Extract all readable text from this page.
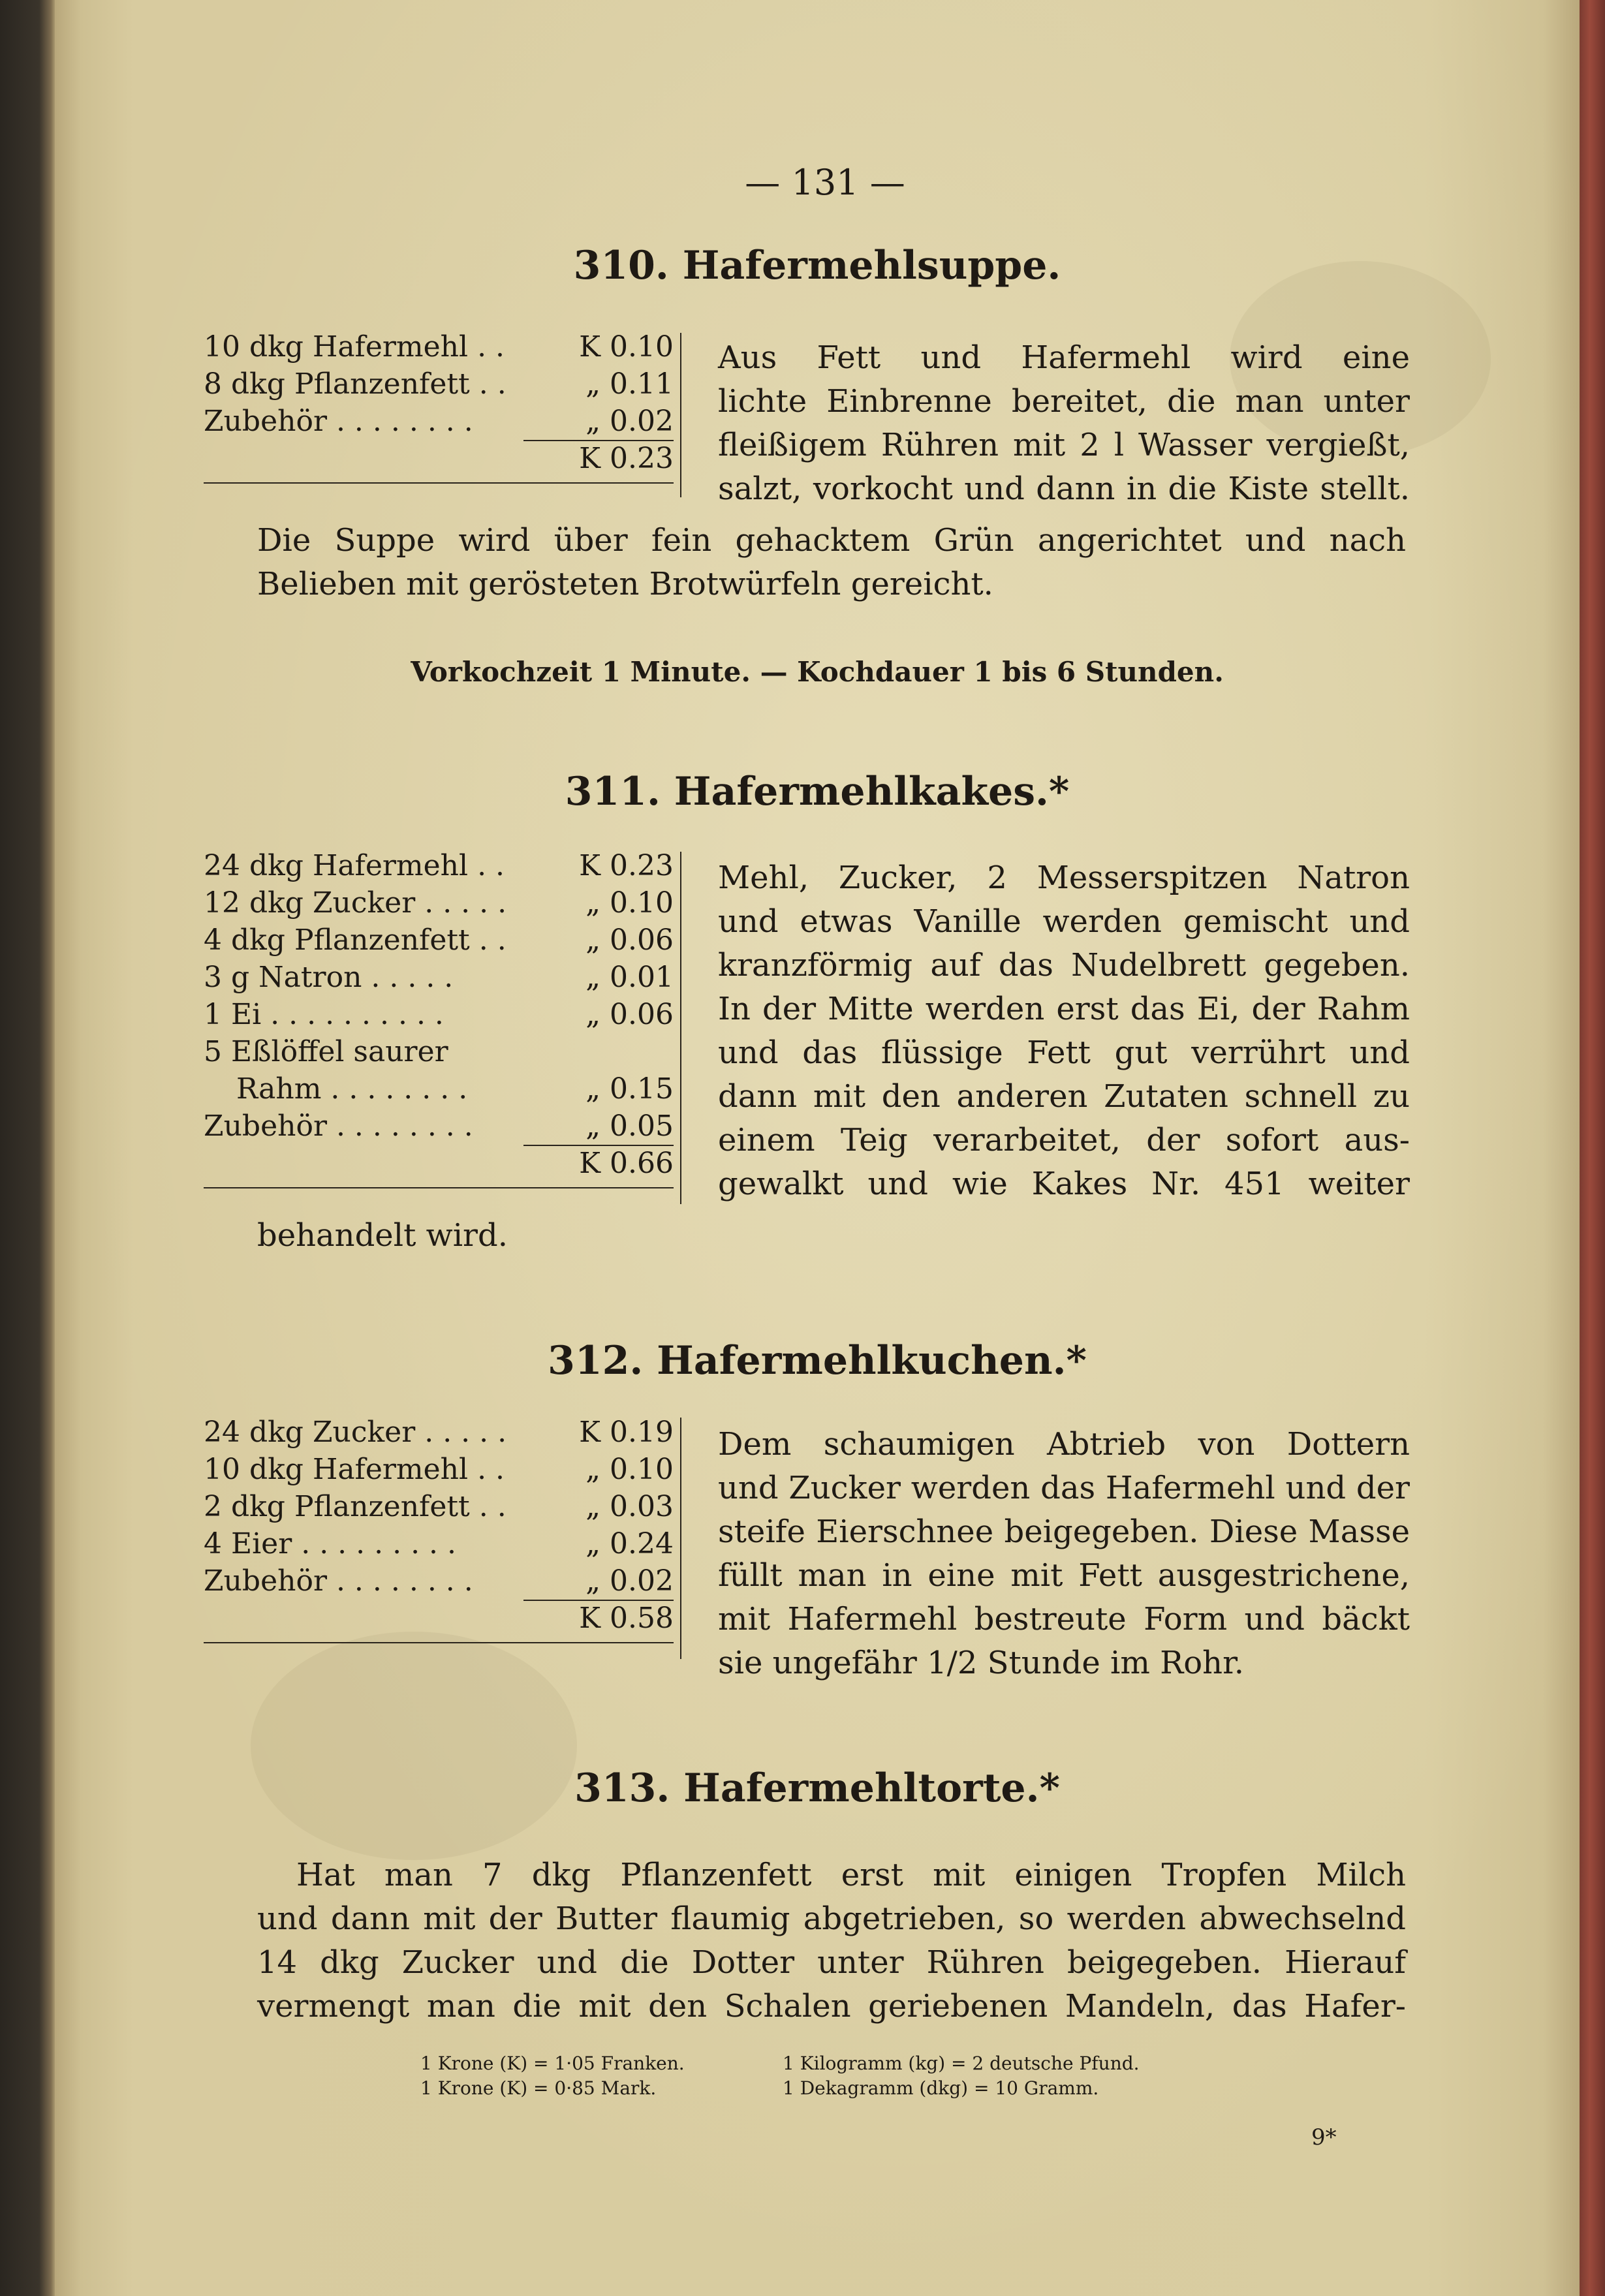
— 131 —
310. Hafermehlsuppe.
10 dkg Hafermehl . .	K 0.10
8 dkg Pflanzenfett . .	„ 0.11
Zubehör . . . . . . . .	„ 0.02
K 0.23
Aus Fett und Hafermehl wird eine
lichte Einbrenne bereitet, die man unter
fleißigem Rühren mit 2 l Wasser vergießt,
salzt, vorkocht und dann in die Kiste stellt.
Die Suppe wird über fein gehacktem Grün angerichtet und nach
Belieben mit gerösteten Brotwürfeln gereicht.
Vorkochzeit 1 Minute. — Kochdauer 1 bis 6 Stunden.
311. Hafermehlkakes.*
24 dkg Hafermehl . .	K 0.23
12 dkg Zucker . . . . .	„ 0.10
4 dkg Pflanzenfett . .	„ 0.06
3 g Natron . . . . .	„ 0.01
1 Ei . . . . . . . . . .	„ 0.06
5 Eßlöffel saurer
Rahm . . . . . . . .	„ 0.15
Zubehör . . . . . . . .	„ 0.05
K 0.66
Mehl, Zucker, 2 Messerspitzen Natron
und etwas Vanille werden gemischt und
kranzförmig auf das Nudelbrett gegeben.
In der Mitte werden erst das Ei, der Rahm
und das flüssige Fett gut verrührt und
dann mit den anderen Zutaten schnell zu
einem Teig verarbeitet, der sofort aus-
gewalkt und wie Kakes Nr. 451 weiter
behandelt wird.
312. Hafermehlkuchen.*
24 dkg Zucker . . . . .	K 0.19
10 dkg Hafermehl . .	„ 0.10
2 dkg Pflanzenfett . .	„ 0.03
4 Eier . . . . . . . . .	„ 0.24
Zubehör . . . . . . . .	„ 0.02
K 0.58
Dem schaumigen Abtrieb von Dottern
und Zucker werden das Hafermehl und der
steife Eierschnee beigegeben. Diese Masse
füllt man in eine mit Fett ausgestrichene,
mit Hafermehl bestreute Form und bäckt
sie ungefähr 1/2 Stunde im Rohr.
313. Hafermehltorte.*
Hat man 7 dkg Pflanzenfett erst mit einigen Tropfen Milch
und dann mit der Butter flaumig abgetrieben, so werden abwechselnd
14 dkg Zucker und die Dotter unter Rühren beigegeben. Hierauf
vermengt man die mit den Schalen geriebenen Mandeln, das Hafer-
1 Krone (K) = 1·05 Franken.	1 Kilogramm (kg) = 2 deutsche Pfund.
1 Krone (K) = 0·85 Mark.	1 Dekagramm (dkg) = 10 Gramm.
9*
